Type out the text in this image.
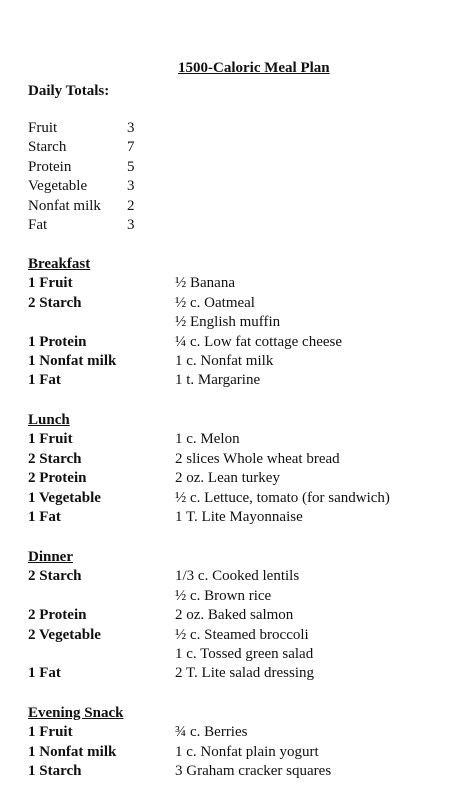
1500-Caloric Meal Plan
Daily Totals:
Fruit	3
Starch	7
Protein	5
Vegetable	3
Nonfat milk 2
Fat	3
Breakfast
1 Fruit	½ Banana
2 Starch	½ c. Oatmeal
½ English muffin
1 Protein	¼ c. Low fat cottage cheese
1 Nonfat milk	1 c. Nonfat milk
1 Fat	1 t. Margarine
Lunch
1 Fruit	1 c. Melon
2 Starch	2 slices Whole wheat bread
2 Protein	2 oz. Lean turkey
1 Vegetable	½ c. Lettuce, tomato (for sandwich)
1 Fat	1 T. Lite Mayonnaise
Dinner
2 Starch	1/3 c. Cooked lentils
½ c. Brown rice
2 Protein	2 oz. Baked salmon
2 Vegetable	½ c. Steamed broccoli
1 c. Tossed green salad
1 Fat	2 T. Lite salad dressing
Evening Snack
1 Fruit	¾ c. Berries
1 Nonfat milk	1 c. Nonfat plain yogurt
1 Starch	3 Graham cracker squares
